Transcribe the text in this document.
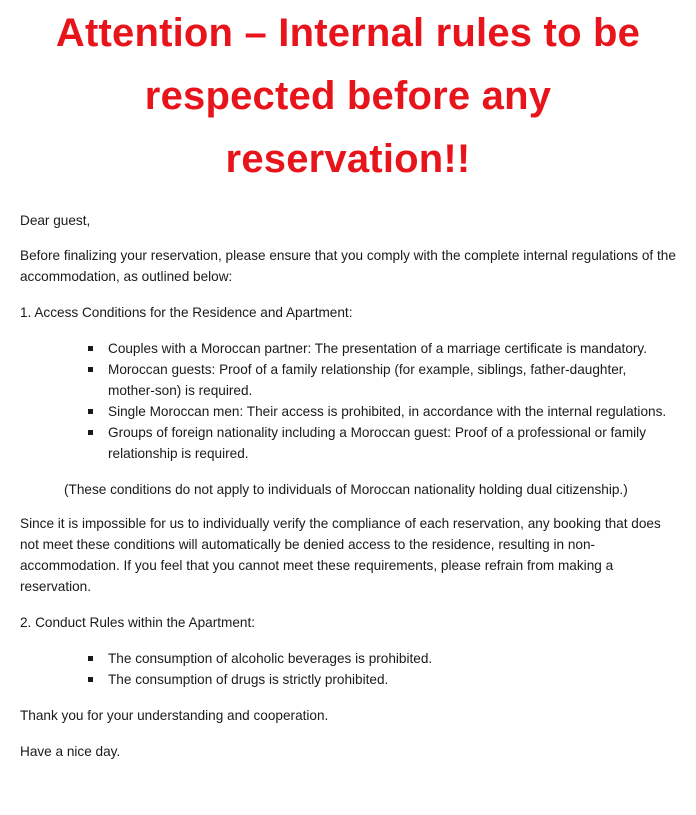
Attention – Internal rules to be
respected before any
reservation!!

Dear guest,

Before finalizing your reservation, please ensure that you comply with the complete internal regulations of the accommodation, as outlined below:

1. Access Conditions for the Residence and Apartment:

Couples with a Moroccan partner: The presentation of a marriage certificate is mandatory.
Moroccan guests: Proof of a family relationship (for example, siblings, father-daughter, mother-son) is required.
Single Moroccan men: Their access is prohibited, in accordance with the internal regulations.
Groups of foreign nationality including a Moroccan guest: Proof of a professional or family relationship is required.

(These conditions do not apply to individuals of Moroccan nationality holding dual citizenship.)

Since it is impossible for us to individually verify the compliance of each reservation, any booking that does not meet these conditions will automatically be denied access to the residence, resulting in non-accommodation. If you feel that you cannot meet these requirements, please refrain from making a reservation.

2. Conduct Rules within the Apartment:

The consumption of alcoholic beverages is prohibited.
The consumption of drugs is strictly prohibited.

Thank you for your understanding and cooperation.

Have a nice day.
